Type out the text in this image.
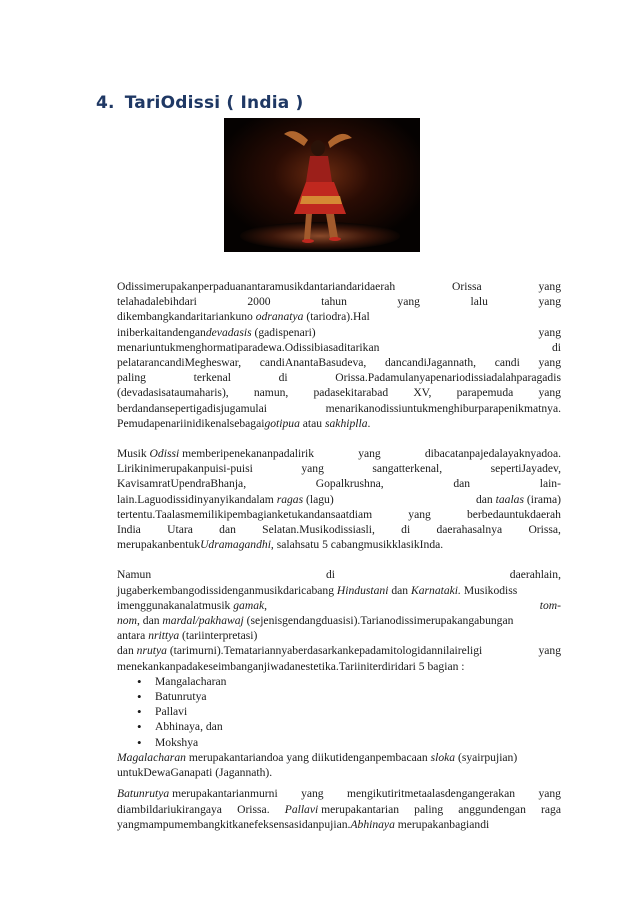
4. TariOdissi ( India )
Odissimerupakanperpaduanantaramusikdantariandaridaerah	Orissa	yang
telahadalebihdari	2000	tahun	yang	lalu	yang
dikembangkandaritariankuno odranatya (tariodra).Hal
iniberkaitandengandevadasis (gadispenari)	yang
menariuntukmenghormatiparadewa.Odissibiasaditarikan	di
pelatarancandiMegheswar, candiAnantaBasudeva, dancandiJagannath, candi yang
paling	terkenal	di	Orissa.Padamulanyapenariodissiadalahparagadis
(devadasisataumaharis), namun, padasekitarabad XV, parapemuda yang
berdandansepertigadisjugamulai	menarikanodissiuntukmenghiburparapenikmatnya.
Pemudapenariinidikenalsebagaigotipua atau sakhiplla.
Musik Odissi memberipenekananpadalirik	yang	dibacatanpajedalayaknyadoa.
Lirikinimerupakanpuisi-puisi	yang	sangatterkenal,	sepertiJayadev,
KavisamratUpendraBhanja,	Gopalkrushna,	dan	lain-
lain.Laguodissidinyanyikandalam ragas (lagu)	dan taalas (irama)
tertentu.Taalasmemilikipembagianketukandansaatdiam	yang	berbedauntukdaerah
India Utara dan Selatan.Musikodissiasli, di daerahasalnya Orissa,
merupakanbentukUdramagandhi, salahsatu 5 cabangmusikklasikInda.
Namun	di	daerahlain,
jugaberkembangodissidenganmusikdaricabang Hindustani dan Karnataki. Musikodiss
imenggunakanalatmusik gamak,	tom-
nom, dan mardal/pakhawaj (sejenisgendangduasisi).Tarianodissimerupakangabungan
antara nrittya (tariinterpretasi)
dan nrutya (tarimurni).Tematariannyaberdasarkankepadamitologidannilaireligi	yang
menekankanpadakeseimbanganjiwadanestetika.Tariiniterdiridari 5 bagian :
• Mangalacharan
• Batunrutya
• Pallavi
• Abhinaya, dan
• Mokshya
Magalacharan merupakantariandoa yang diikutidenganpembacaan sloka (syairpujian)
untukDewaGanapati (Jagannath).
Batunrutya merupakantarianmurni yang mengikutiritmetaalasdengangerakan yang
diambildariukirangaya Orissa. Pallavi merupakantarian paling anggundengan raga
yang mampumembangkitkanefeksensasidanpujian.Abhinaya merupakanbagian di
